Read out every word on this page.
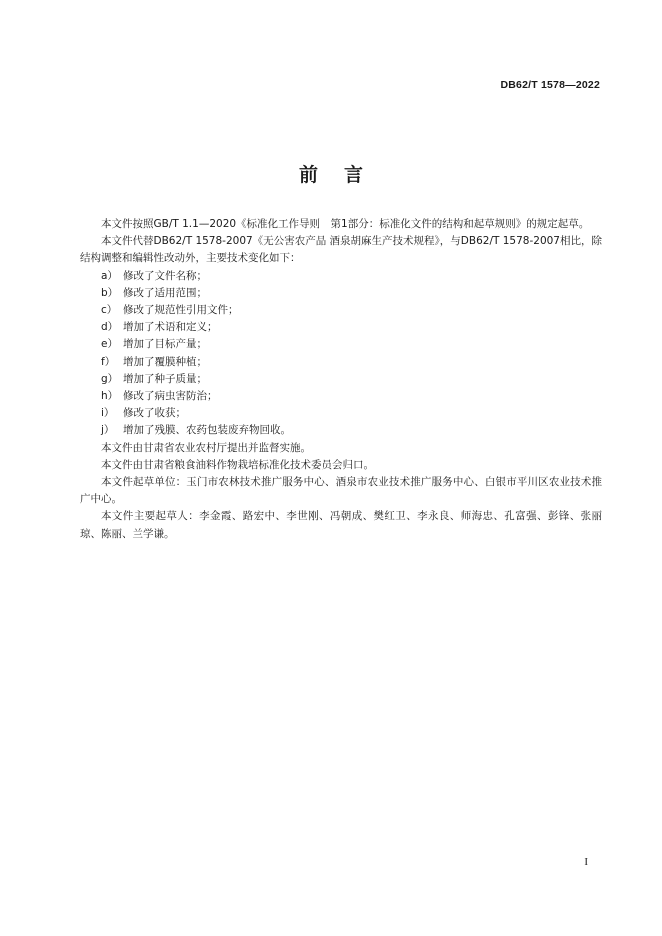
DB62/T 1578—2022
前言

本文件按照GB/T 1.1—2020《标准化工作导则　第1部分：标准化文件的结构和起草规则》的规定起草。

本文件代替DB62/T 1578-2007《无公害农产品 酒泉胡麻生产技术规程》，与DB62/T 1578-2007相比，除结构调整和编辑性改动外，主要技术变化如下：

a） 修改了文件名称；
b） 修改了适用范围；
c） 修改了规范性引用文件；
d） 增加了术语和定义；
e） 增加了目标产量；
f） 增加了覆膜种植；
g） 增加了种子质量；
h） 修改了病虫害防治；
i） 修改了收获；
j） 增加了残膜、农药包装废弃物回收。

本文件由甘肃省农业农村厅提出并监督实施。

本文件由甘肃省粮食油料作物栽培标准化技术委员会归口。

本文件起草单位：玉门市农林技术推广服务中心、酒泉市农业技术推广服务中心、白银市平川区农业技术推广中心。

本文件主要起草人：李金霞、路宏中、李世刚、冯朝成、樊红卫、李永良、师海忠、孔富强、彭锋、张丽琼、陈丽、兰学谦。

I
